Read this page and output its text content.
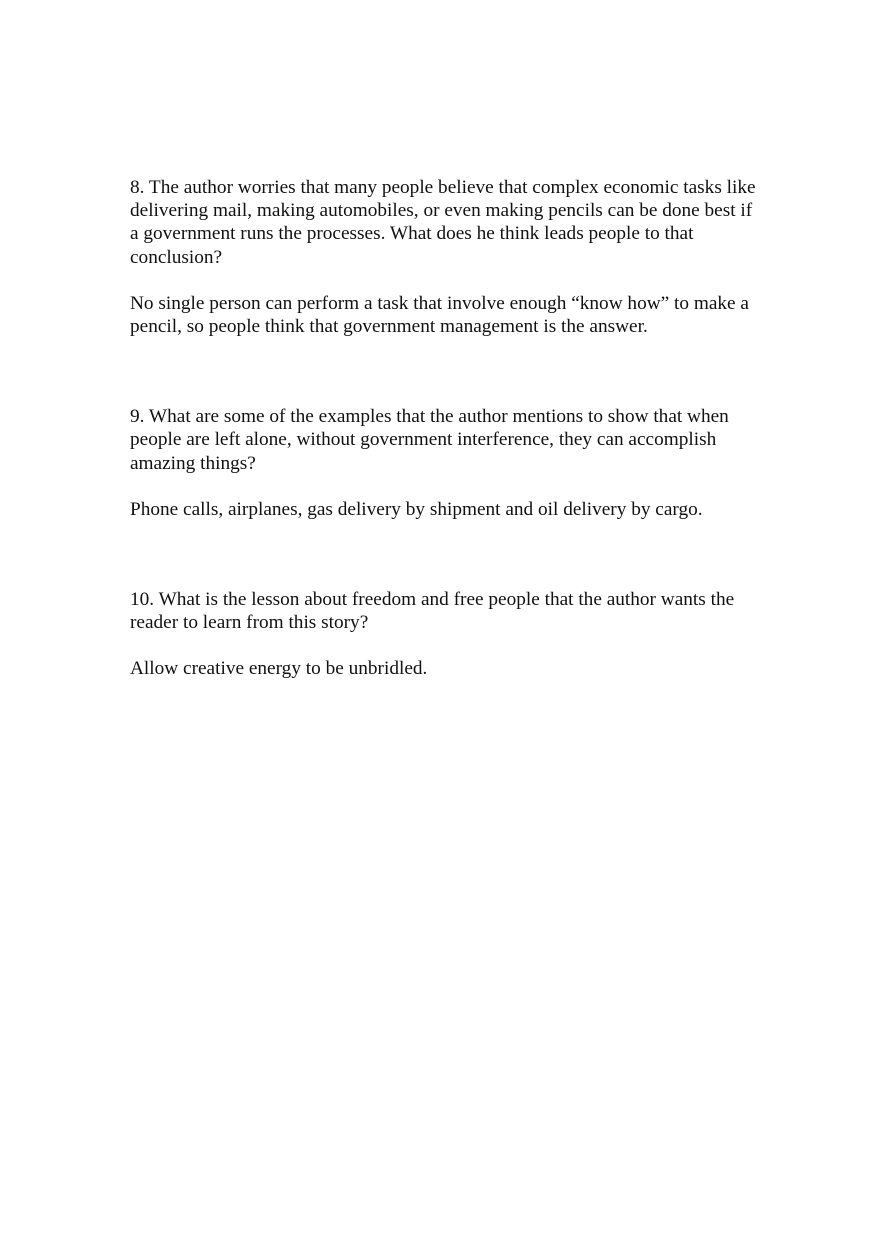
8. The author worries that many people believe that complex economic tasks like delivering mail, making automobiles, or even making pencils can be done best if a government runs the processes. What does he think leads people to that conclusion?

No single person can perform a task that involve enough “know how” to make a pencil, so people think that government management is the answer.

9. What are some of the examples that the author mentions to show that when people are left alone, without government interference, they can accomplish amazing things?

Phone calls, airplanes, gas delivery by shipment and oil delivery by cargo.

10. What is the lesson about freedom and free people that the author wants the reader to learn from this story?

Allow creative energy to be unbridled.
